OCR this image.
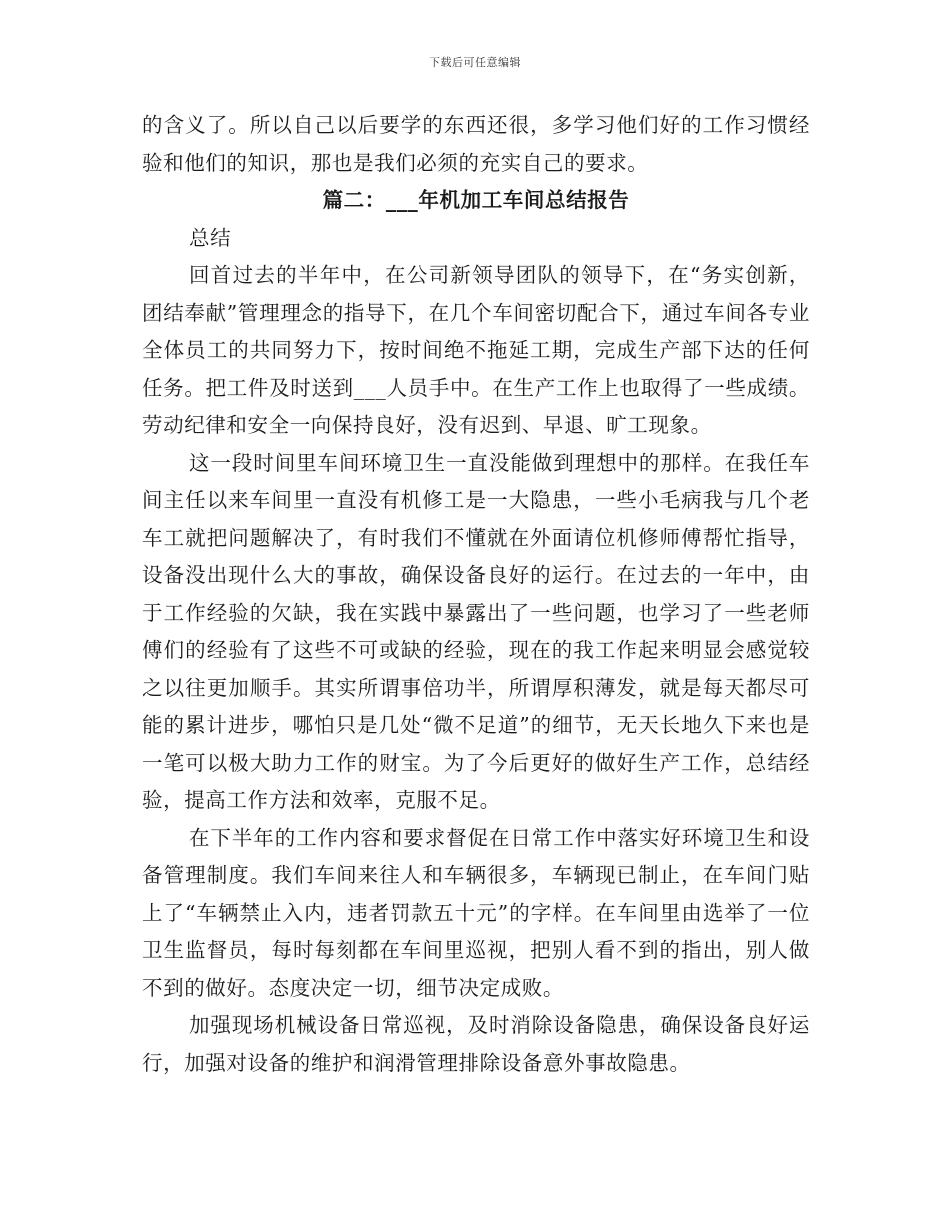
下载后可任意编辑

的含义了。所以自己以后要学的东西还很，多学习他们好的工作习惯经验和他们的知识，那也是我们必须的充实自己的要求。

篇二：___年机加工车间总结报告

总结

回首过去的半年中，在公司新领导团队的领导下，在“务实创新，团结奉献”管理理念的指导下，在几个车间密切配合下，通过车间各专业全体员工的共同努力下，按时间绝不拖延工期，完成生产部下达的任何任务。把工件及时送到___人员手中。在生产工作上也取得了一些成绩。劳动纪律和安全一向保持良好，没有迟到、早退、旷工现象。

这一段时间里车间环境卫生一直没能做到理想中的那样。在我任车间主任以来车间里一直没有机修工是一大隐患，一些小毛病我与几个老车工就把问题解决了，有时我们不懂就在外面请位机修师傅帮忙指导，设备没出现什么大的事故，确保设备良好的运行。在过去的一年中，由于工作经验的欠缺，我在实践中暴露出了一些问题，也学习了一些老师傅们的经验有了这些不可或缺的经验，现在的我工作起来明显会感觉较之以往更加顺手。其实所谓事倍功半，所谓厚积薄发，就是每天都尽可能的累计进步，哪怕只是几处“微不足道”的细节，无天长地久下来也是一笔可以极大助力工作的财宝。为了今后更好的做好生产工作，总结经验，提高工作方法和效率，克服不足。

在下半年的工作内容和要求督促在日常工作中落实好环境卫生和设备管理制度。我们车间来往人和车辆很多，车辆现已制止，在车间门贴上了“车辆禁止入内，违者罚款五十元”的字样。在车间里由选举了一位卫生监督员，每时每刻都在车间里巡视，把别人看不到的指出，别人做不到的做好。态度决定一切，细节决定成败。

加强现场机械设备日常巡视，及时消除设备隐患，确保设备良好运行，加强对设备的维护和润滑管理排除设备意外事故隐患。
